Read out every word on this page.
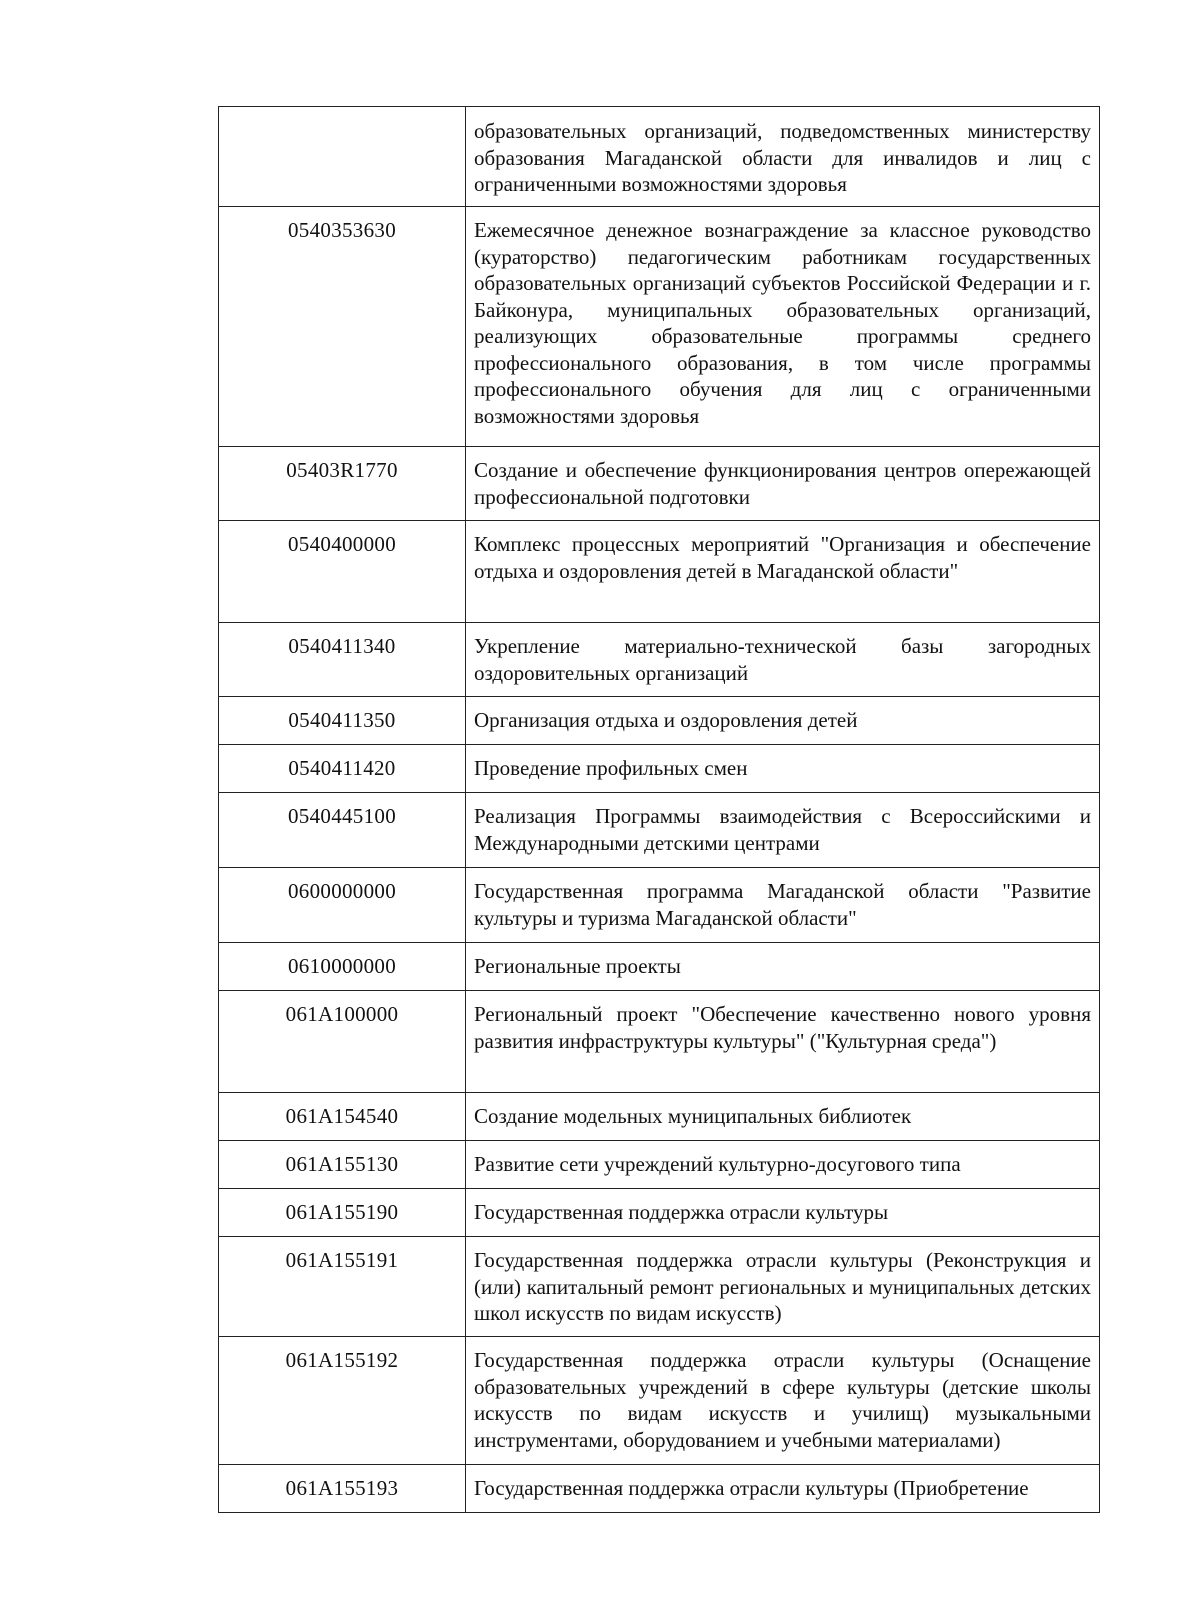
	образовательных организаций, подведомственных министерству образования Магаданской области для инвалидов и лиц с ограниченными возможностями здоровья
0540353630	Ежемесячное денежное вознаграждение за классное руководство (кураторство) педагогическим работникам государственных образовательных организаций субъектов Российской Федерации и г. Байконура, муниципальных образовательных организаций, реализующих образовательные программы среднего профессионального образования, в том числе программы профессионального обучения для лиц с ограниченными возможностями здоровья
05403R1770	Создание и обеспечение функционирования центров опережающей профессиональной подготовки
0540400000	Комплекс процессных мероприятий "Организация и обеспечение отдыха и оздоровления детей в Магаданской области"
0540411340	Укрепление материально-технической базы загородных оздоровительных организаций
0540411350	Организация отдыха и оздоровления детей
0540411420	Проведение профильных смен
0540445100	Реализация Программы взаимодействия с Всероссийскими и Международными детскими центрами
0600000000	Государственная программа Магаданской области "Развитие культуры и туризма Магаданской области"
0610000000	Региональные проекты
061A100000	Региональный проект "Обеспечение качественно нового уровня развития инфраструктуры культуры" ("Культурная среда")
061A154540	Создание модельных муниципальных библиотек
061A155130	Развитие сети учреждений культурно-досугового типа
061A155190	Государственная поддержка отрасли культуры
061A155191	Государственная поддержка отрасли культуры (Реконструкция и (или) капитальный ремонт региональных и муниципальных детских школ искусств по видам искусств)
061A155192	Государственная поддержка отрасли культуры (Оснащение образовательных учреждений в сфере культуры (детские школы искусств по видам искусств и училищ) музыкальными инструментами, оборудованием и учебными материалами)
061A155193	Государственная поддержка отрасли культуры (Приобретение
